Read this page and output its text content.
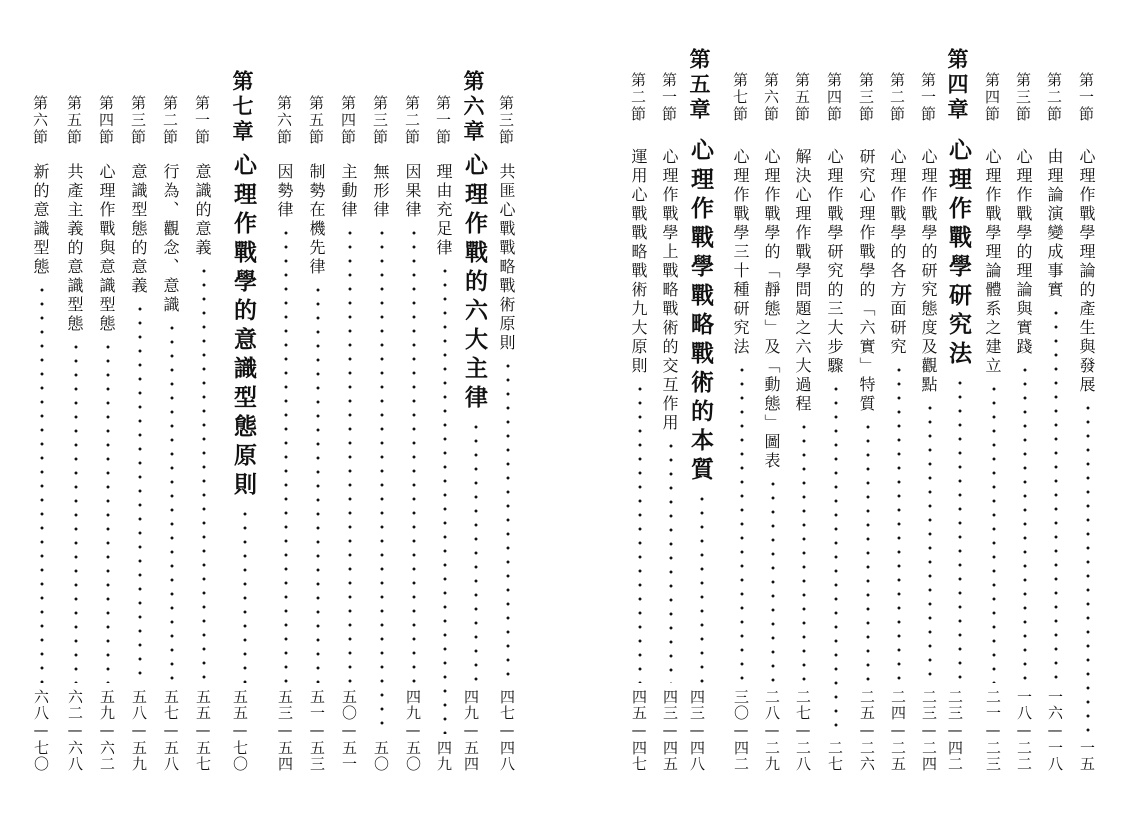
第一節
心理作戰學理論的產生與發展
一五
第二節
由理論演變成事實
一六—一八
第三節
心理作戰學的理論與實踐
一八—二二
第四節
心理作戰學理論體系之建立
二一—二三
第四章
心理作戰學研究法
二三—四二
第一節
心理作戰學的研究態度及觀點
二三—二四
第二節
心理作戰學的各方面研究
二四—二五
第三節
研究心理作戰學的「六實」特質
二五—二六
第四節
心理作戰學研究的三大步驟
二七
第五節
解決心理作戰學問題之六大過程
二七—二八
第六節
心理作戰學的「靜態」及「動態」圖表
二八—二九
第七節
心理作戰學三十種研究法
三〇—四二
第五章
心理作戰學戰略戰術的本質
四三—四八
第一節
心理作戰學上戰略戰術的交互作用
四三—四五
第二節
運用心戰戰略戰術九大原則
四五—四七
第三節
共匪心戰戰略戰術原則
四七—四八
第六章
心理作戰的六大主律
四九—五四
第一節
理由充足律
四九
第二節
因果律
四九—五〇
第三節
無形律
五〇
第四節
主動律
五〇—五一
第五節
制勢在機先律
五一—五三
第六節
因勢律
五三—五四
第七章
心理作戰學的意識型態原則
五五—七〇
第一節
意識的意義
五五—五七
第二節
行為、觀念、意識
五七—五八
第三節
意識型態的意義
五八—五九
第四節
心理作戰與意識型態
五九—六二
第五節
共產主義的意識型態
六二—六八
第六節
新的意識型態
六八—七〇
